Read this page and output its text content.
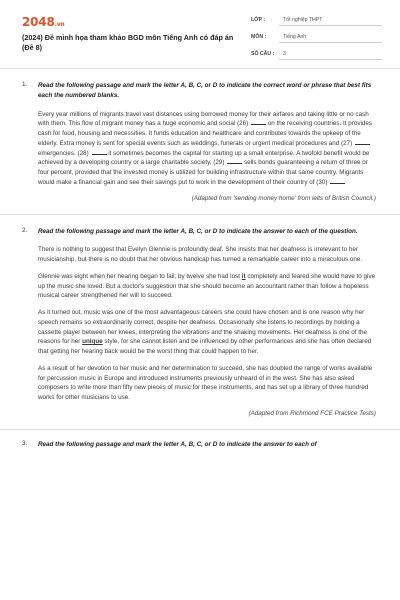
2048.vn
(2024) Đề minh họa tham khảo BGD môn Tiếng Anh có đáp án (Đề 8)
LỚP :	Tốt nghiệp THPT
MÔN :	Tiếng Anh
SỐ CÂU :	3
1. Read the following passage and mark the letter A, B, C, or D to indicate the correct word or phrase that best fits each the numbered blanks.

Every year millions of migrants travel vast distances using borrowed money for their airfares and taking little or no cash with them. This flow of migrant money has a huge economic and social (26)	on the receiving countries. It provides cash for food, housing and necessities. It funds education and healthcare and contributes towards the upkeep of the elderly. Extra money is sent for special events such as weddings, funerals or urgent medical procedures and (27)  emergencies. (28)	it sometimes becomes the capital for starting up a small enterprise. A twofold benefit would be achieved by a developing country or a large charitable society, (29)	sells bonds guaranteeing a return of three or four percent, provided that the invested money is utilized for building infrastructure within that same country. Migrants would make a financial gain and see their savings put to work in the development of their country of (30)

(Adapted from 'sending money home' from ielts of British Council.)

2. Read the following passage and mark the letter A, B, C, or D to indicate the answer to each of the question.

There is nothing to suggest that Evelyn Glennie is profoundly deaf. She insists that her deafness is irrelevant to her musicianship, but there is no doubt that her obvious handicap has turned a remarkable career into a miraculous one.

Glennie was eight when her hearing began to fail; by twelve she had lost it completely and feared she would have to give up the music she loved. But a doctor's suggestion that she should become an accountant rather than follow a hopeless musical career strengthened her will to succeed.

As it turned out, music was one of the most advantageous careers she could have chosen and is one reason why her speech remains so extraordinarily correct, despite her deafness. Occasionally she listens to recordings by holding a cassette player between her knees, interpreting the vibrations and the shaking movements. Her deafness is one of the reasons for her unique style, for she cannot listen and be influenced by other performances and she has often declared that getting her hearing back would be the worst thing that could happen to her.

As a result of her devotion to her music and her determination to succeed, she has doubled the range of works available for percussion music in Europe and introduced instruments previously unheard of in the west. She has also asked composers to write more than fifty new pieces of music for these instruments, and has set up a library of three hundred works for other musicians to use.

(Adapted from Richmond FCE Practice Tests)

3. Read the following passage and mark the letter A, B, C, or D to indicate the answer to each of
